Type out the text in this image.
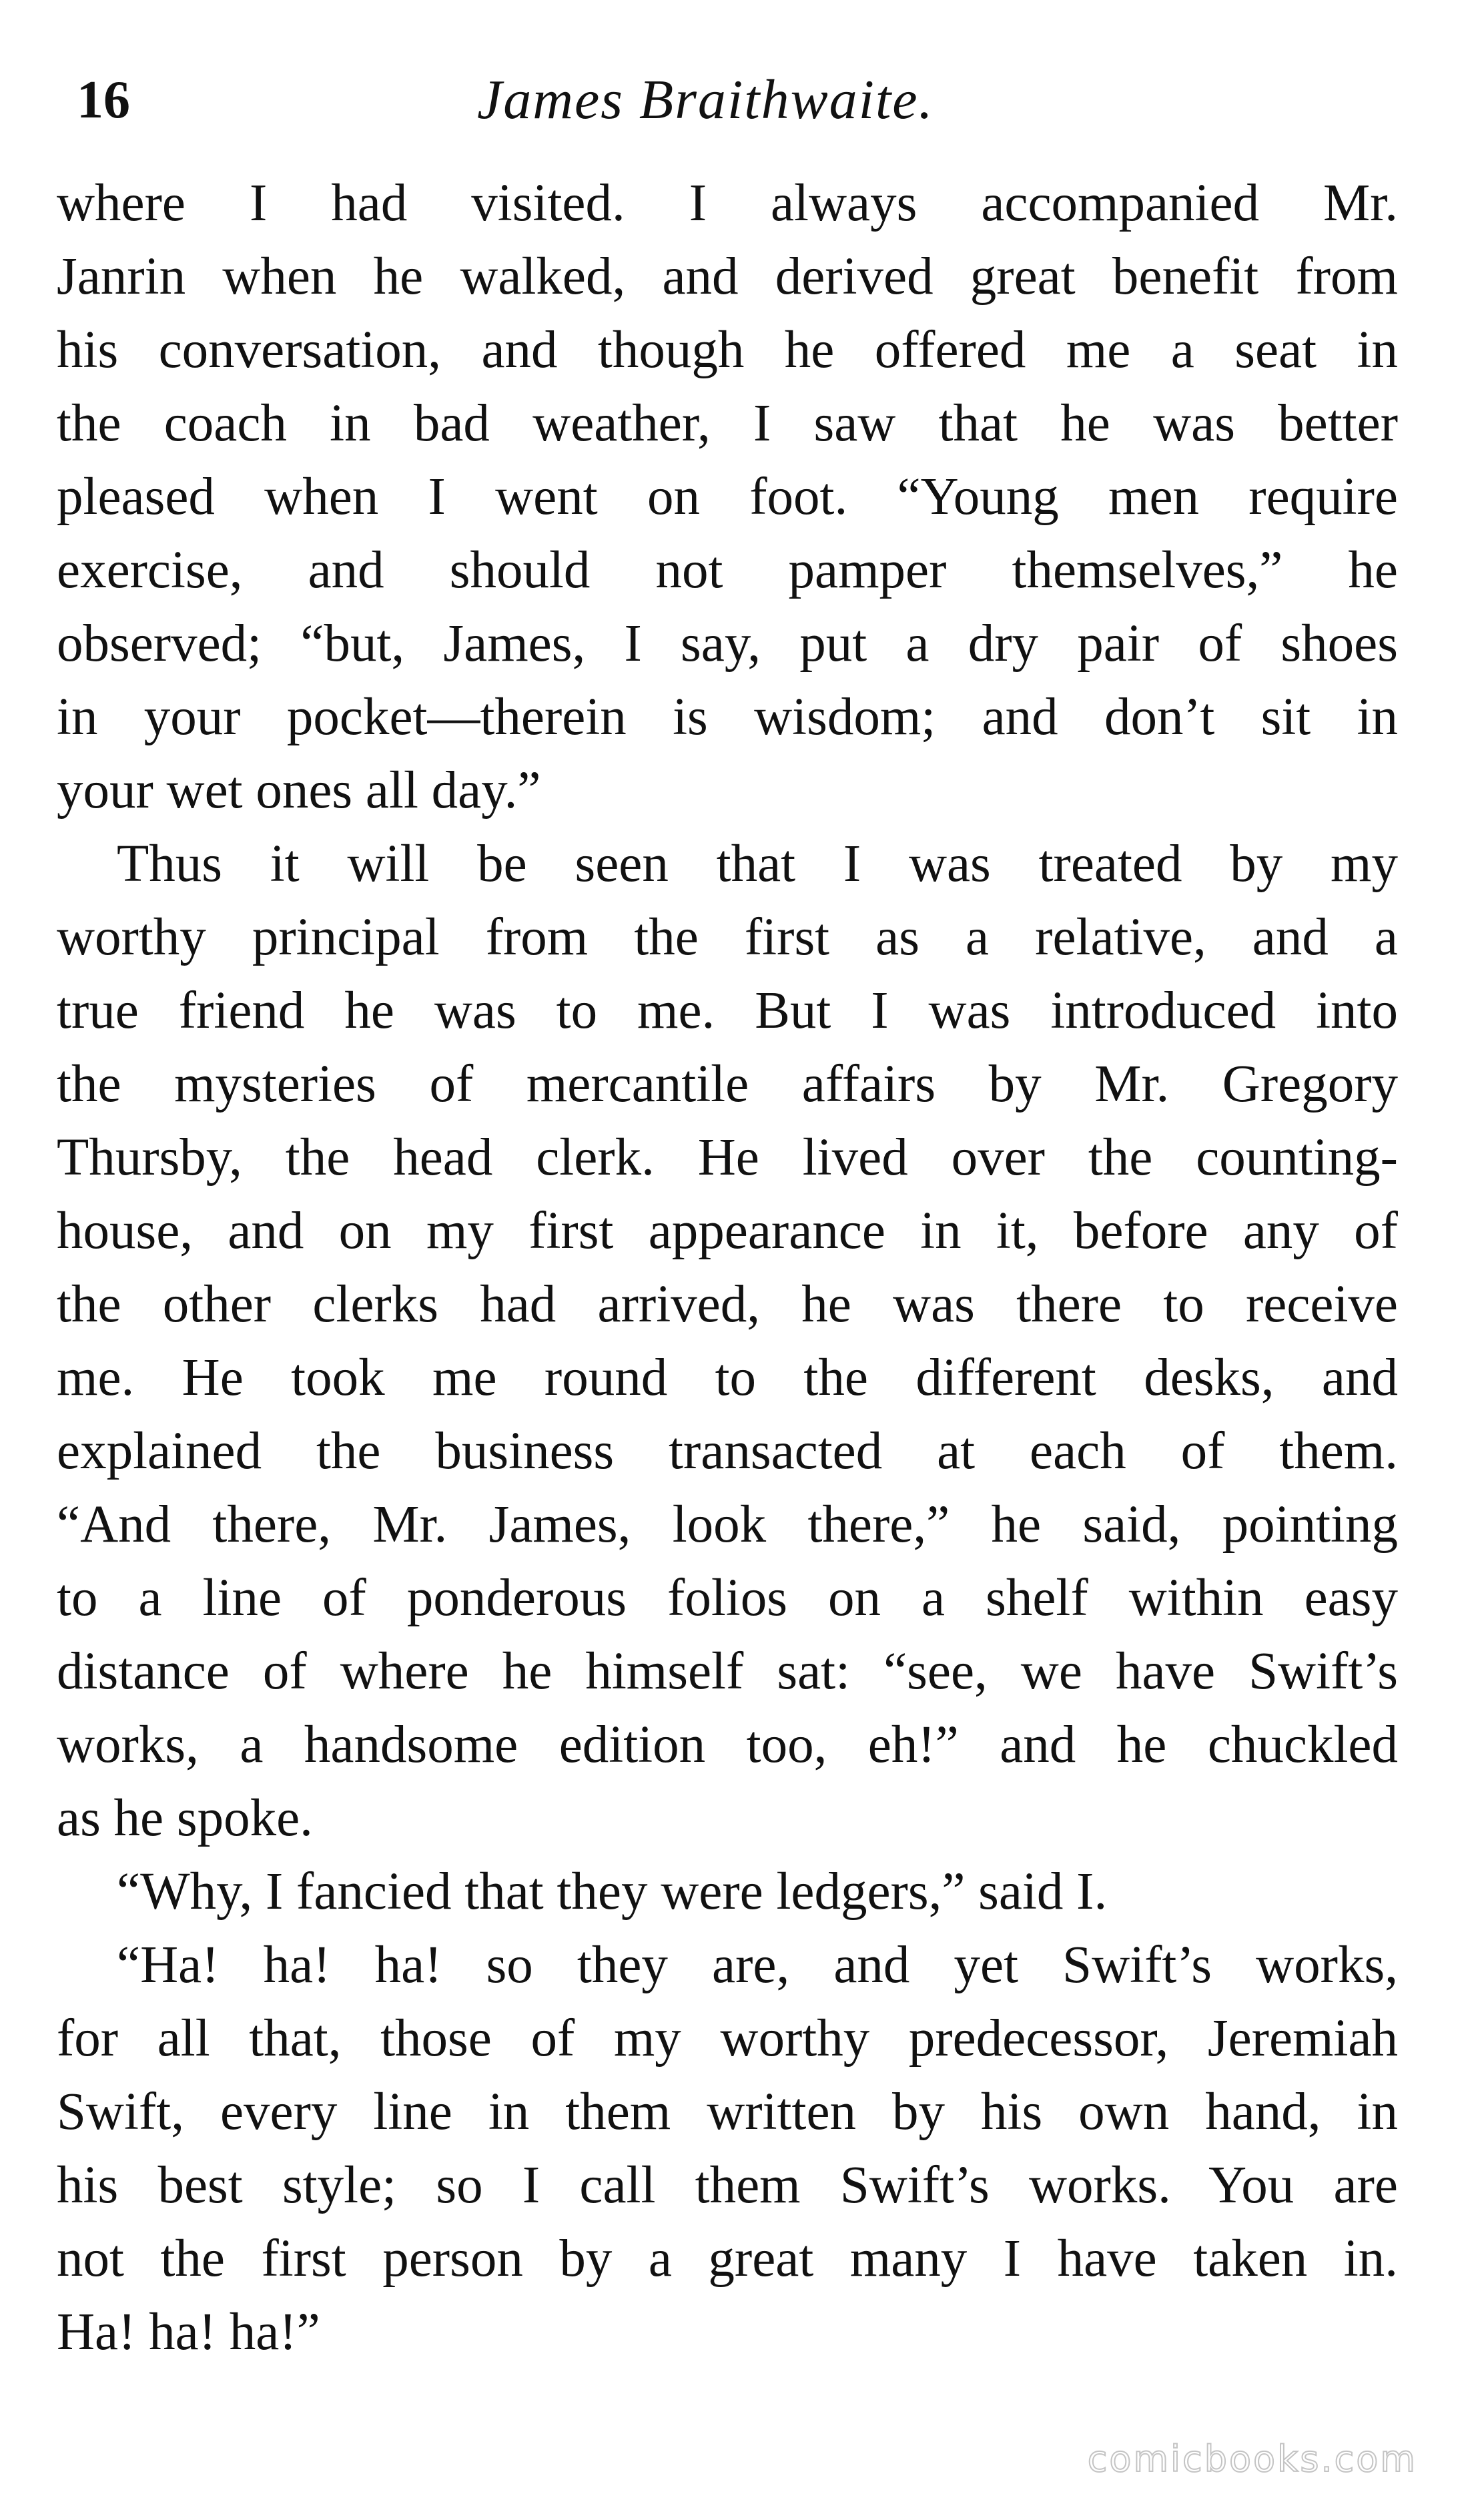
16	James Braithwaite.
where I had visited. I always accompanied Mr.
Janrin when he walked, and derived great benefit from
his conversation, and though he offered me a seat in
the coach in bad weather, I saw that he was better
pleased when I went on foot. “Young men require
exercise, and should not pamper themselves,” he
observed; “but, James, I say, put a dry pair of shoes
in your pocket—therein is wisdom; and don’t sit in
your wet ones all day.”
Thus it will be seen that I was treated by my
worthy principal from the first as a relative, and a
true friend he was to me. But I was introduced into
the mysteries of mercantile affairs by Mr. Gregory
Thursby, the head clerk. He lived over the counting-
house, and on my first appearance in it, before any of
the other clerks had arrived, he was there to receive
me. He took me round to the different desks, and
explained the business transacted at each of them.
“And there, Mr. James, look there,” he said, pointing
to a line of ponderous folios on a shelf within easy
distance of where he himself sat: “see, we have Swift’s
works, a handsome edition too, eh!” and he chuckled
as he spoke.
“Why, I fancied that they were ledgers,” said I.
“Ha! ha! ha! so they are, and yet Swift’s works,
for all that, those of my worthy predecessor, Jeremiah
Swift, every line in them written by his own hand, in
his best style; so I call them Swift’s works. You are
not the first person by a great many I have taken in.
Ha! ha! ha!”
comicbooks.com
